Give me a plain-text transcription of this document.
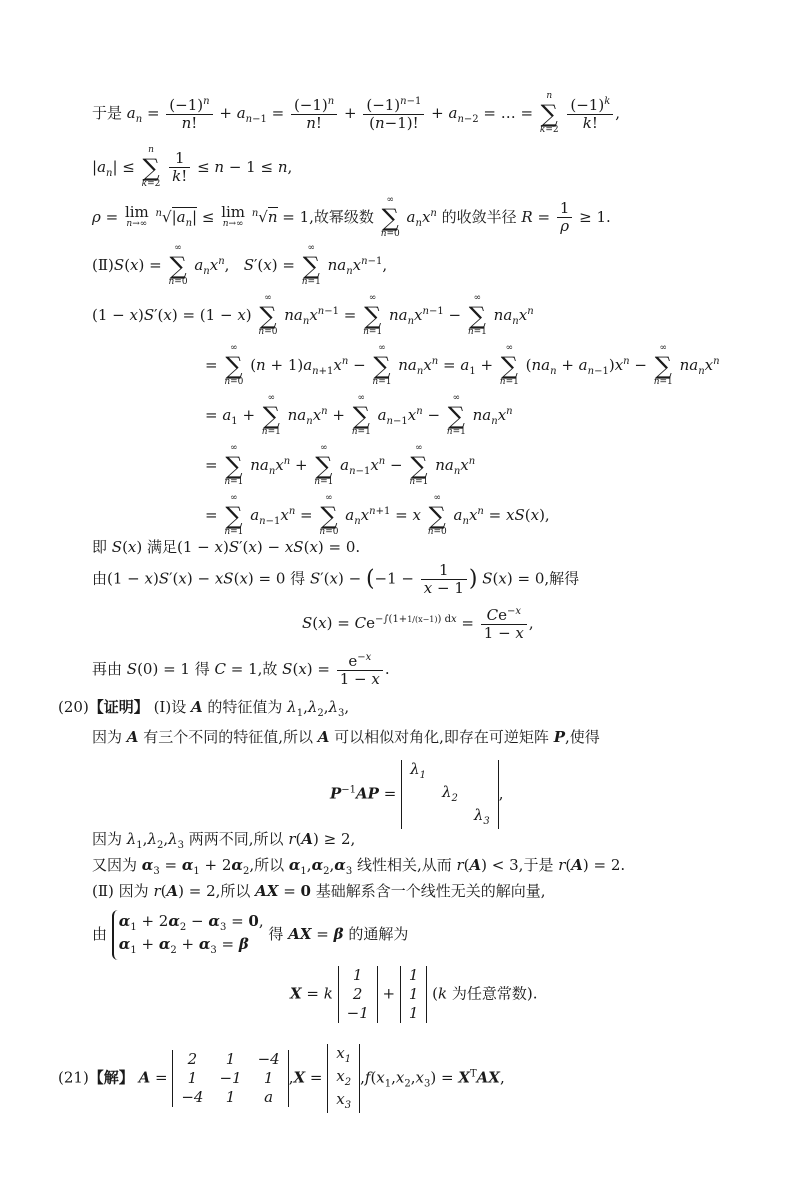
于是 $a_n = \frac{(-1)^n}{n!} + a_{n-1} = \frac{(-1)^n}{n!} + \frac{(-1)^{n-1}}{(n-1)!} + a_{n-2}$ = … =
n
∑
k=2
$\frac{(-1)^k}{k!}$ ,
$|a_n|$ ≤
n
∑
k=2
$\frac{1}{k!} \le n - 1 \le n$,
ρ = lim
n→∞
$^n√|a_n| \le \lim$
n→∞
$^n$√n = 1,故幂级数
∞
∑
n=0
$a_nx^n$ 的收敛半径 $R = \frac{1}{\rho} \ge 1$.
(Ⅱ)S(x) =
∞
∑
n=0
$a_nx^n$,   S′(x) =
∞
∑
n=1
$na_nx^{n-1}$,
(1 − x)S′(x) = (1 − x)
∞
∑
n=0
$na_nx^{n-1}$ =
∞
∑
n=1
$na_nx^{n-1}$ −
∞
∑
n=1
$na_nx^n$
=
∞
∑
n=0
$(n + 1)a_{n+1}x^n$ −
∞
∑
n=1
$na_nx^n = a_1$ +
∞
∑
n=1
$(na_n + a_{n-1})x^n$ −
∞
∑
n=1
$na_nx^n$
= $a_1$ +
∞
∑
n=1
$na_nx^n$ +
∞
∑
n=1
$a_{n-1}x^n$ −
∞
∑
n=1
$na_nx^n$
=
∞
∑
n=1
$na_nx^n$ +
∞
∑
n=1
$a_{n-1}x^n$ −
∞
∑
n=1
$na_nx^n$
=
∞
∑
n=1
$a_{n-1}x^n$ =
∞
∑
n=0
$a_nx^{n+1} = x$
∞
∑
n=0
$a_nx^n = xS(x)$,
即 S(x) 满足(1 − x)S′(x) − xS(x) = 0.
由(1 − x)S′(x) − xS(x) = 0 得 $S'(x) - (-1 - \frac{1}{x - 1}$ ) S(x) = 0,解得
$S(x) = Ce^{-\int(1+1/(x-1)) dx} = \frac{Ce^{-x}}{1 - x}$ ,
再由 S(0) = 1 得 C = 1,故 $S(x) = \frac{e^{-x}}{1 - x}$ .
(20)【证明】 (Ⅰ)设 A 的特征值为 $\lambda_1,\lambda_2,\lambda_3$,
因为 A 有三个不同的特征值,所以 A 可以相似对角化,即存在可逆矩阵 P,使得
$P^{-1}AP$ =
$\lambda_1$		
	$\lambda_2$	
		$\lambda_3$
,
因为 $\lambda_1,\lambda_2,\lambda_3$ 两两不同,所以 r(A) ≥ 2,
又因为 $\alpha_3 = \alpha_1 + 2\alpha_2$,所以 $\alpha_1,\alpha_2,\alpha_3$ 线性相关,从而 r(A) < 3,于是 r(A) = 2.
(Ⅱ) 因为 r(A) = 2,所以 AX = 0 基础解系含一个线性无关的解向量,
由
$\alpha_1 + 2\alpha_2 - \alpha_3 = 0$,
$\alpha_1 + \alpha_2 + \alpha_3 = \beta$
得 AX = β 的通解为
X = k
1
2
−1
+
1
1
1
(k 为任意常数).
(21)【解】 A =
2	1	−4
1	−1	1
−4	1	a
,X =
$x_1$
$x_2$
$x_3$
$,f(x_1,x_2,x_3) = X^TAX$,
